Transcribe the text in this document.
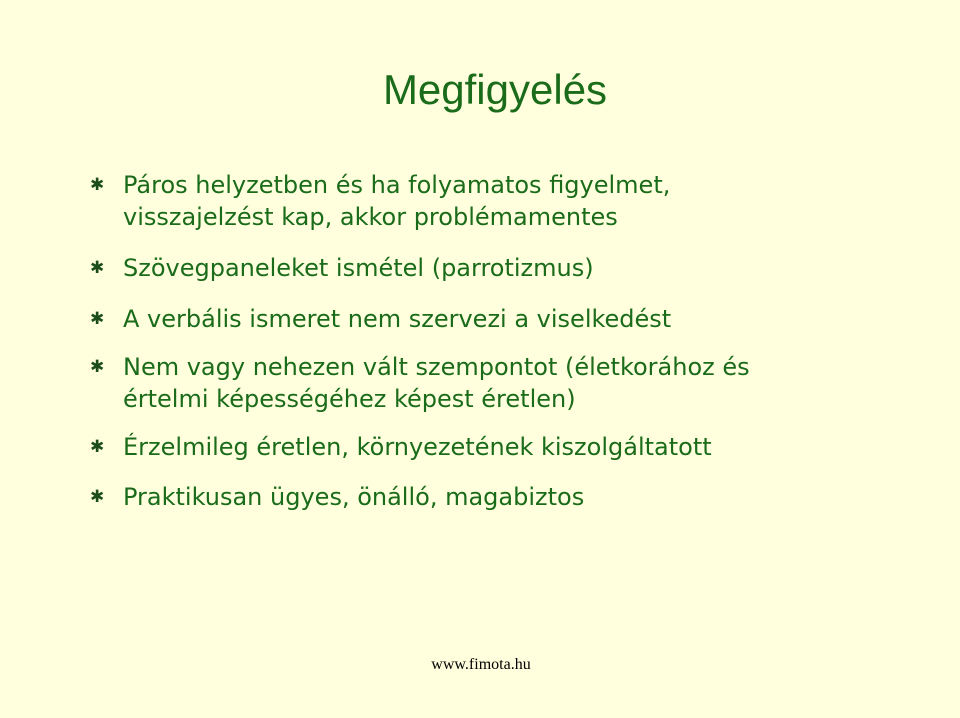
Megfigyelés
✱ Páros helyzetben és ha folyamatos figyelmet,
visszajelzést kap, akkor problémamentes
✱ Szövegpaneleket ismétel (parrotizmus)
✱ A verbális ismeret nem szervezi a viselkedést
✱ Nem vagy nehezen vált szempontot (életkorához és
értelmi képességéhez képest éretlen)
✱ Érzelmileg éretlen, környezetének kiszolgáltatott
✱ Praktikusan ügyes, önálló, magabiztos
www.fimota.hu
